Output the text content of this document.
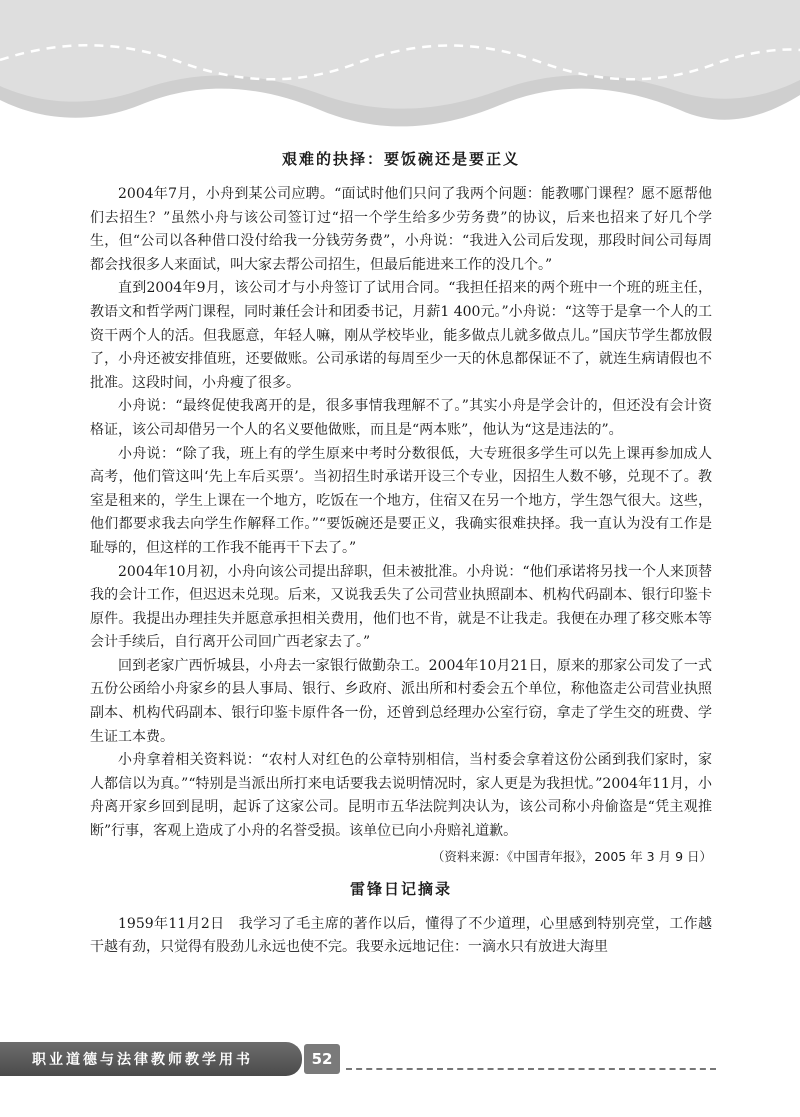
艰难的抉择：要饭碗还是要正义

2004年7月，小舟到某公司应聘。“面试时他们只问了我两个问题：能教哪门课程？愿不愿帮他们去招生？”虽然小舟与该公司签订过“招一个学生给多少劳务费”的协议，后来也招来了好几个学生，但“公司以各种借口没付给我一分钱劳务费”，小舟说：“我进入公司后发现，那段时间公司每周都会找很多人来面试，叫大家去帮公司招生，但最后能进来工作的没几个。”

直到2004年9月，该公司才与小舟签订了试用合同。“我担任招来的两个班中一个班的班主任，教语文和哲学两门课程，同时兼任会计和团委书记，月薪1 400元。”小舟说：“这等于是拿一个人的工资干两个人的活。但我愿意，年轻人嘛，刚从学校毕业，能多做点儿就多做点儿。”国庆节学生都放假了，小舟还被安排值班，还要做账。公司承诺的每周至少一天的休息都保证不了，就连生病请假也不批准。这段时间，小舟瘦了很多。

小舟说：“最终促使我离开的是，很多事情我理解不了。”其实小舟是学会计的，但还没有会计资格证，该公司却借另一个人的名义要他做账，而且是“两本账”，他认为“这是违法的”。

小舟说：“除了我，班上有的学生原来中考时分数很低，大专班很多学生可以先上课再参加成人高考，他们管这叫‘先上车后买票’。当初招生时承诺开设三个专业，因招生人数不够，兑现不了。教室是租来的，学生上课在一个地方，吃饭在一个地方，住宿又在另一个地方，学生怨气很大。这些，他们都要求我去向学生作解释工作。”“要饭碗还是要正义，我确实很难抉择。我一直认为没有工作是耻辱的，但这样的工作我不能再干下去了。”

2004年10月初，小舟向该公司提出辞职，但未被批准。小舟说：“他们承诺将另找一个人来顶替我的会计工作，但迟迟未兑现。后来，又说我丢失了公司营业执照副本、机构代码副本、银行印鉴卡原件。我提出办理挂失并愿意承担相关费用，他们也不肯，就是不让我走。我便在办理了移交账本等会计手续后，自行离开公司回广西老家去了。”

回到老家广西忻城县，小舟去一家银行做勤杂工。2004年10月21日，原来的那家公司发了一式五份公函给小舟家乡的县人事局、银行、乡政府、派出所和村委会五个单位，称他盗走公司营业执照副本、机构代码副本、银行印鉴卡原件各一份，还曾到总经理办公室行窃，拿走了学生交的班费、学生证工本费。

小舟拿着相关资料说：“农村人对红色的公章特别相信，当村委会拿着这份公函到我们家时，家人都信以为真。”“特别是当派出所打来电话要我去说明情况时，家人更是为我担忧。”2004年11月，小舟离开家乡回到昆明，起诉了这家公司。昆明市五华法院判决认为，该公司称小舟偷盗是“凭主观推断”行事，客观上造成了小舟的名誉受损。该单位已向小舟赔礼道歉。

（资料来源：《中国青年报》，2005 年 3 月 9 日）

雷锋日记摘录

1959年11月2日　我学习了毛主席的著作以后，懂得了不少道理，心里感到特别亮堂，工作越干越有劲，只觉得有股劲儿永远也使不完。我要永远地记住：一滴水只有放进大海里

职业道德与法律教师教学用书	52
